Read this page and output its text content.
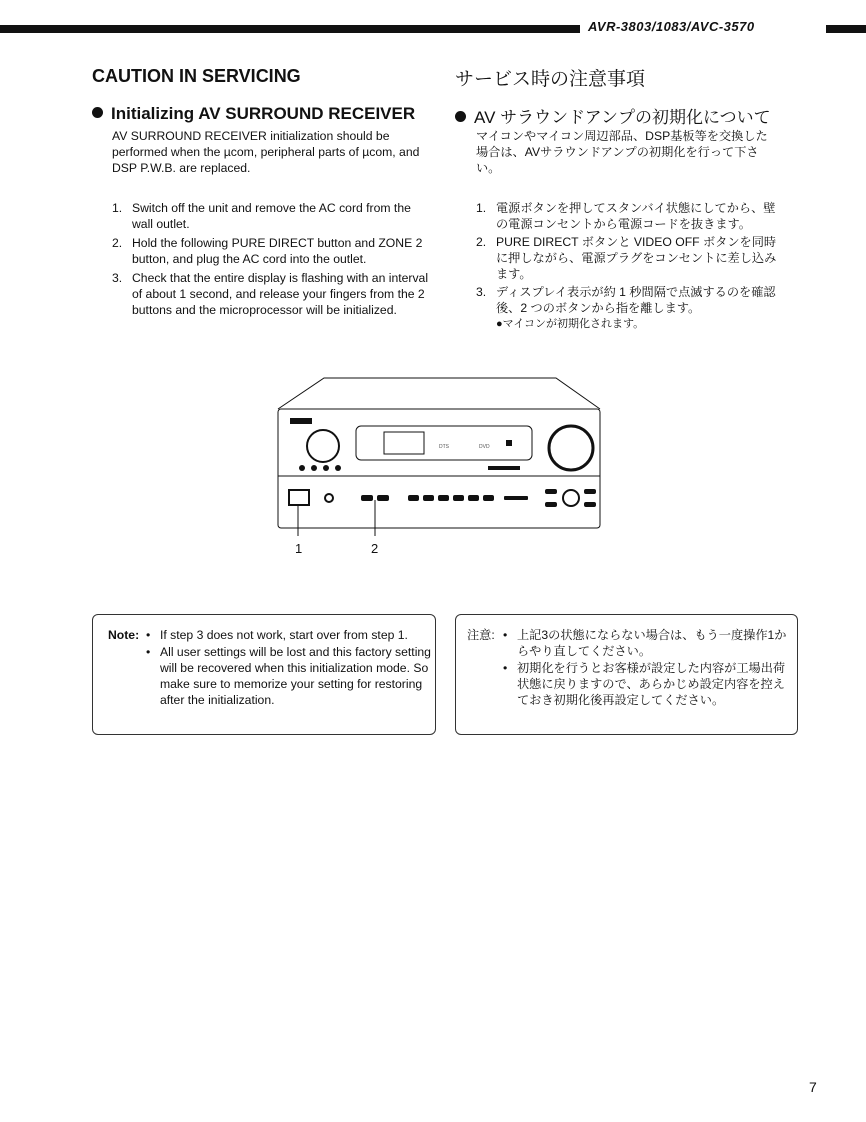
AVR-3803/1083/AVC-3570
CAUTION IN SERVICING	サービス時の注意事項
Initializing AV SURROUND RECEIVER
AV SURROUND RECEIVER initialization should be performed when the µcom, peripheral parts of µcom, and DSP P.W.B. are replaced.
1. Switch off the unit and remove the AC cord from the wall outlet.
2. Hold the following PURE DIRECT button and ZONE 2 button, and plug the AC cord into the outlet.
3. Check that the entire display is flashing with an interval of about 1 second, and release your fingers from the 2 buttons and the microprocessor will be initialized.
AV サラウンドアンプの初期化について
マイコンやマイコン周辺部品、DSP基板等を交換した場合は、AVサラウンドアンプの初期化を行って下さい。
1. 電源ボタンを押してスタンバイ状態にしてから、壁の電源コンセントから電源コードを抜きます。
2. PURE DIRECT ボタンと VIDEO OFF ボタンを同時に押しながら、電源プラグをコンセントに差し込みます。
3. ディスプレイ表示が約 1 秒間隔で点滅するのを確認後、2 つのボタンから指を離します。
●マイコンが初期化されます。
DTS	DVD
1	2
Note: • If step 3 does not work, start over from step 1.
• All user settings will be lost and this factory setting will be recovered when this initialization mode. So make sure to memorize your setting for restoring after the initialization.
注意: • 上記3の状態にならない場合は、もう一度操作1からやり直してください。
• 初期化を行うとお客様が設定した内容が工場出荷状態に戻りますので、あらかじめ設定内容を控えておき初期化後再設定してください。
7
